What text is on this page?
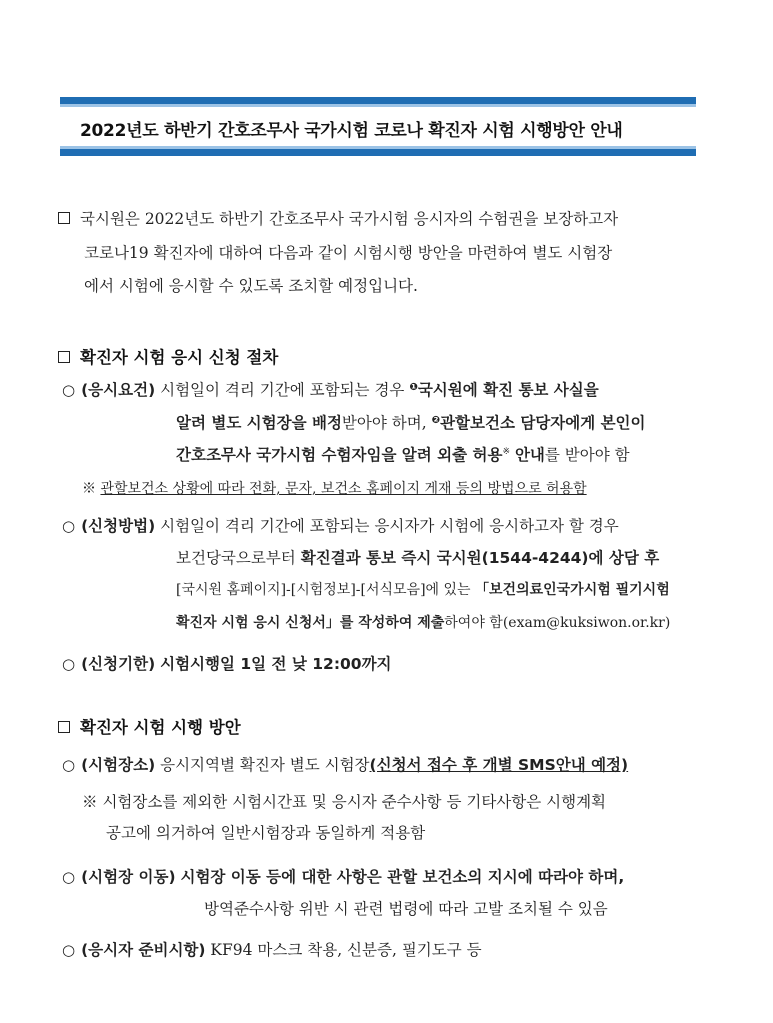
2022년도 하반기 간호조무사 국가시험 코로나 확진자 시험 시행방안 안내
국시원은 2022년도 하반기 간호조무사 국가시험 응시자의 수험권을 보장하고자
코로나19 확진자에 대하여 다음과 같이 시험시행 방안을 마련하여 별도 시험장
에서 시험에 응시할 수 있도록 조치할 예정입니다.
확진자 시험 응시 신청 절차
○ (응시요건) 시험일이 격리 기간에 포함되는 경우 $^❶$국시원에 확진 통보 사실을
알려 별도 시험장을 배정받아야 하며, $^❷$관할보건소 담당자에게 본인이
간호조무사 국가시험 수험자임을 알려 외출 허용※ 안내를 받아야 함
※ 관할보건소 상황에 따라 전화, 문자, 보건소 홈페이지 게재 등의 방법으로 허용함
○ (신청방법) 시험일이 격리 기간에 포함되는 응시자가 시험에 응시하고자 할 경우
보건당국으로부터 확진결과 통보 즉시 국시원(1544-4244)에 상담 후
[국시원 홈페이지]-[시험정보]-[서식모음]에 있는 「보건의료인국가시험 필기시험
확진자 시험 응시 신청서」를 작성하여 제출하여야 함(exam@kuksiwon.or.kr)
○ (신청기한) 시험시행일 1일 전 낮 12:00까지
확진자 시험 시행 방안
○ (시험장소) 응시지역별 확진자 별도 시험장(신청서 접수 후 개별 SMS안내 예정)
※ 시험장소를 제외한 시험시간표 및 응시자 준수사항 등 기타사항은 시행계획
공고에 의거하여 일반시험장과 동일하게 적용함
○ (시험장 이동) 시험장 이동 등에 대한 사항은 관할 보건소의 지시에 따라야 하며,
방역준수사항 위반 시 관련 법령에 따라 고발 조치될 수 있음
○ (응시자 준비시항) KF94 마스크 착용, 신분증, 필기도구 등
